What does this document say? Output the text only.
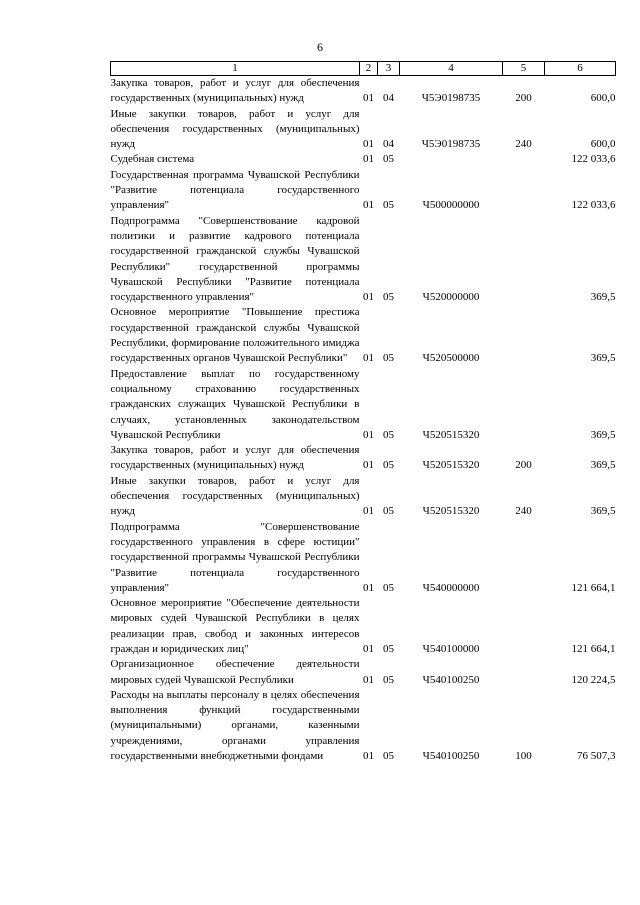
6
1	2	3	4	5	6
Закупка товаров, работ и услуг для обеспечения государственных (муниципальных) нужд	01	04	Ч5Э0198735	200	600,0
Иные закупки товаров, работ и услуг для обеспечения государственных (муниципальных) нужд	01	04	Ч5Э0198735	240	600,0
Судебная система	01	05			122 033,6
Государственная программа Чувашской Республики "Развитие потенциала государственного управления"	01	05	Ч500000000		122 033,6
Подпрограмма "Совершенствование кадровой политики и развитие кадрового потенциала государственной гражданской службы Чувашской Республики" государственной программы Чувашской Республики "Развитие потенциала государственного управления"	01	05	Ч520000000		369,5
Основное мероприятие "Повышение престижа государственной гражданской службы Чувашской Республики, формирование положительного имиджа государственных органов Чувашской Республики"	01	05	Ч520500000		369,5
Предоставление выплат по государственному социальному страхованию государственных гражданских служащих Чувашской Республики в случаях, установленных законодательством Чувашской Республики	01	05	Ч520515320		369,5
Закупка товаров, работ и услуг для обеспечения государственных (муниципальных) нужд	01	05	Ч520515320	200	369,5
Иные закупки товаров, работ и услуг для обеспечения государственных (муниципальных) нужд	01	05	Ч520515320	240	369,5
Подпрограмма "Совершенствование государственного управления в сфере юстиции" государственной программы Чувашской Республики "Развитие потенциала государственного управления"	01	05	Ч540000000		121 664,1
Основное мероприятие "Обеспечение деятельности мировых судей Чувашской Республики в целях реализации прав, свобод и законных интересов граждан и юридических лиц"	01	05	Ч540100000		121 664,1
Организационное обеспечение деятельности мировых судей Чувашской Республики	01	05	Ч540100250		120 224,5
Расходы на выплаты персоналу в целях обеспечения выполнения функций государственными (муниципальными) органами, казенными учреждениями, органами управления государственными внебюджетными фондами	01	05	Ч540100250	100	76 507,3
